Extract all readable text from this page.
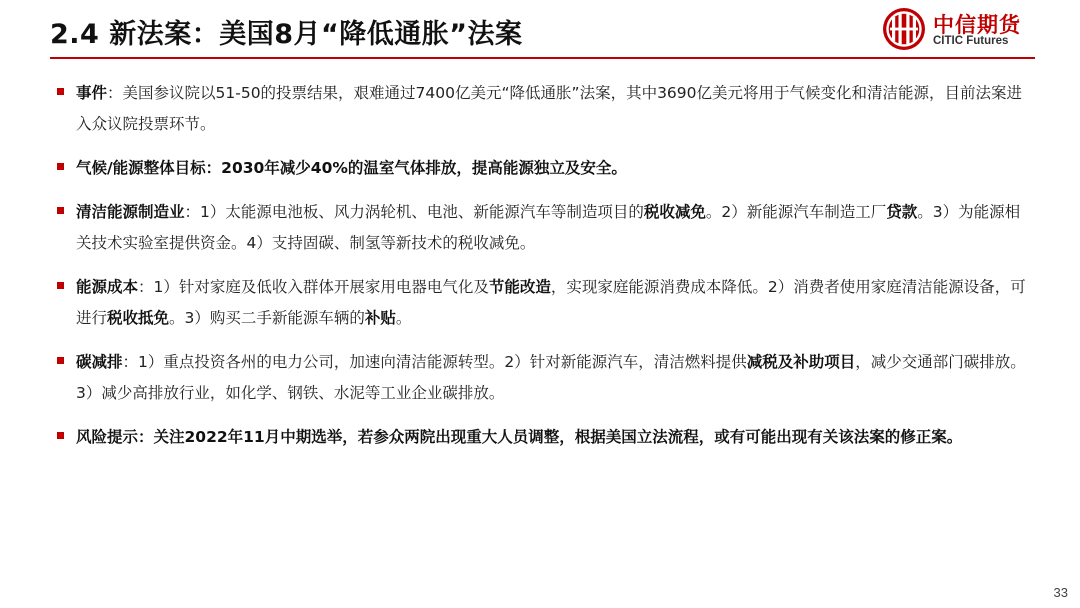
2.4 新法案：美国8月“降低通胀”法案	中信期货
CITIC Futures
事件：美国参议院以51-50的投票结果，艰难通过7400亿美元“降低通胀”法案，其中3690亿美元将用于气候变化和清洁能源，目前法案进入众议院投票环节。
气候/能源整体目标：2030年减少40%的温室气体排放，提高能源独立及安全。
清洁能源制造业：1）太能源电池板、风力涡轮机、电池、新能源汽车等制造项目的税收减免。2）新能源汽车制造工厂贷款。3）为能源相关技术实验室提供资金。4）支持固碳、制氢等新技术的税收减免。
能源成本：1）针对家庭及低收入群体开展家用电器电气化及节能改造，实现家庭能源消费成本降低。2）消费者使用家庭清洁能源设备，可进行税收抵免。3）购买二手新能源车辆的补贴。
碳减排：1）重点投资各州的电力公司，加速向清洁能源转型。2）针对新能源汽车，清洁燃料提供减税及补助项目，减少交通部门碳排放。3）减少高排放行业，如化学、钢铁、水泥等工业企业碳排放。
风险提示：关注2022年11月中期选举，若参众两院出现重大人员调整，根据美国立法流程，或有可能出现有关该法案的修正案。
33
